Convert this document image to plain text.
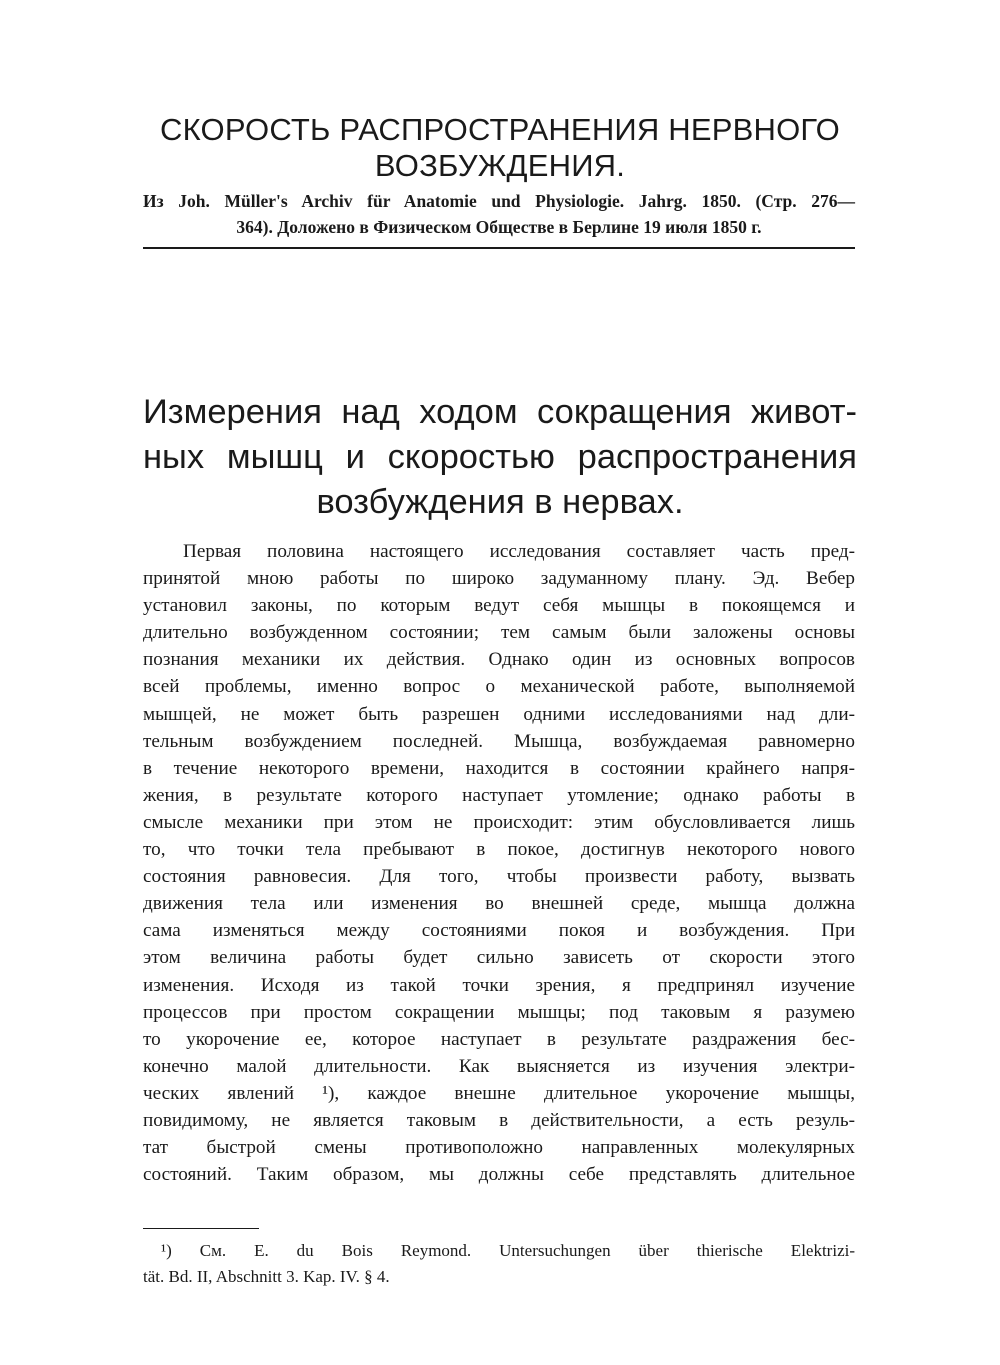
СКОРОСТЬ РАСПРОСТРАНЕНИЯ НЕРВНОГО
ВОЗБУЖДЕНИЯ.
Из Joh. Müller's Archiv für Anatomie und Physiologie. Jahrg. 1850. (Стр. 276—
364). Доложено в Физическом Обществе в Берлине 19 июля 1850 г.
Измерения над ходом сокращения живот-
ных мышц и скоростью распространения
возбуждения в нервах.
Первая половина настоящего исследования составляет часть пред-
принятой мною работы по широко задуманному плану. Эд. Вебер
установил законы, по которым ведут себя мышцы в покоящемся и
длительно возбужденном состоянии; тем самым были заложены основы
познания механики их действия. Однако один из основных вопросов
всей проблемы, именно вопрос о механической работе, выполняемой
мышцей, не может быть разрешен одними исследованиями над дли-
тельным возбуждением последней. Мышца, возбуждаемая равномерно
в течение некоторого времени, находится в состоянии крайнего напря-
жения, в результате которого наступает утомление; однако работы в
смысле механики при этом не происходит: этим обусловливается лишь
то, что точки тела пребывают в покое, достигнув некоторого нового
состояния равновесия. Для того, чтобы произвести работу, вызвать
движения тела или изменения во внешней среде, мышца должна
сама изменяться между состояниями покоя и возбуждения. При
этом величина работы будет сильно зависеть от скорости этого
изменения. Исходя из такой точки зрения, я предпринял изучение
процессов при простом сокращении мышцы; под таковым я разумею
то укорочение ее, которое наступает в результате раздражения бес-
конечно малой длительности. Как выясняется из изучения электри-
ческих явлений ¹), каждое внешне длительное укорочение мышцы,
повидимому, не является таковым в действительности, а есть резуль-
тат быстрой смены противоположно направленных молекулярных
состояний. Таким образом, мы должны себе представлять длительное
¹) См. E. du Bois Reymond. Untersuchungen über thierische Elektrizi-
tät. Bd. II, Abschnitt 3. Kap. IV. § 4.
